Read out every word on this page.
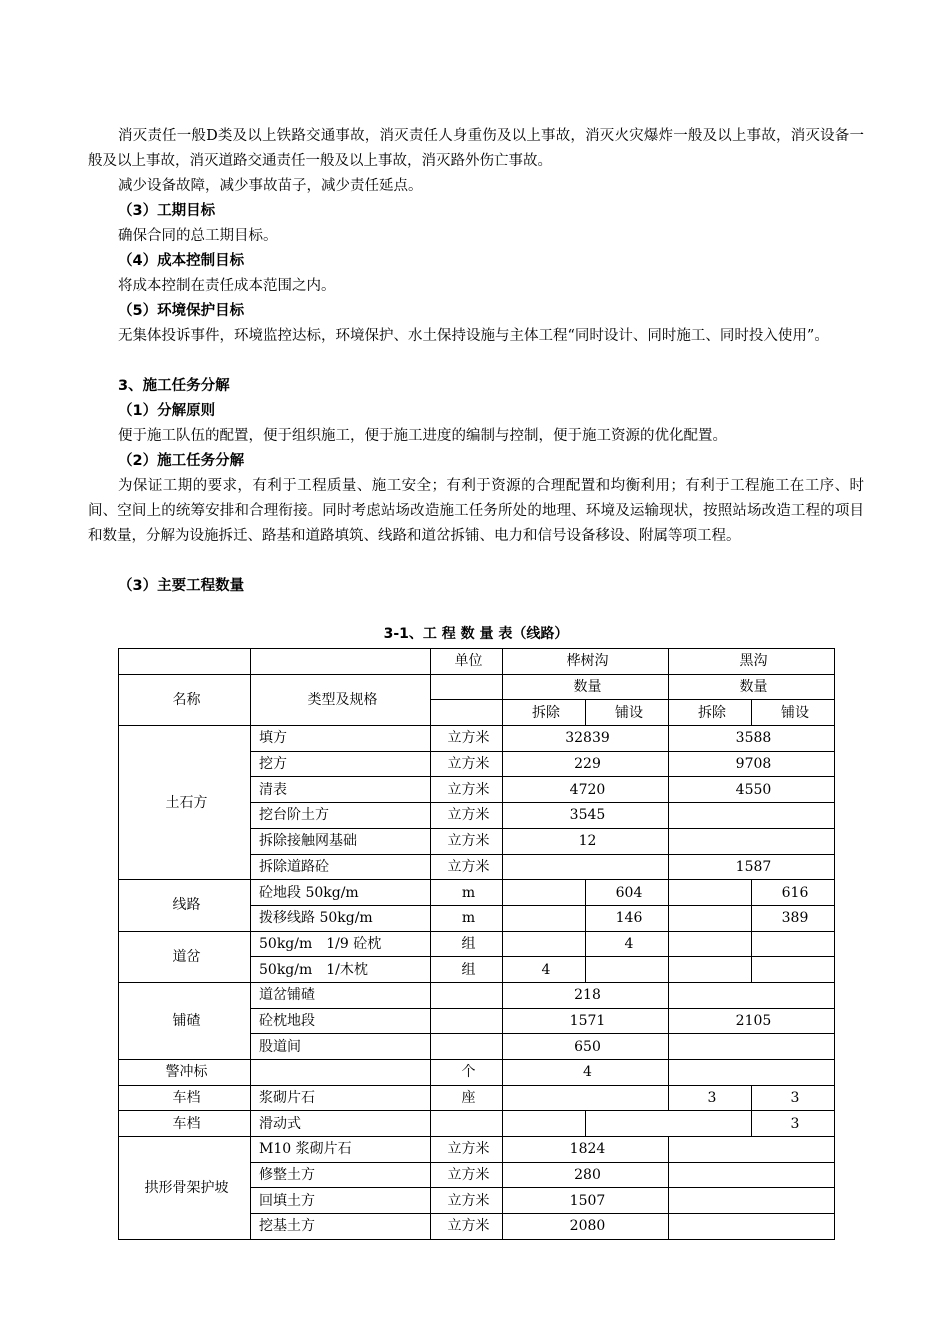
消灭责任一般D类及以上铁路交通事故，消灭责任人身重伤及以上事故，消灭火灾爆炸一般及以上事故，消灭设备一般及以上事故，消灭道路交通责任一般及以上事故，消灭路外伤亡事故。

减少设备故障，减少事故苗子，减少责任延点。

（3）工期目标

确保合同的总工期目标。

（4）成本控制目标

将成本控制在责任成本范围之内。

（5）环境保护目标

无集体投诉事件，环境监控达标，环境保护、水土保持设施与主体工程“同时设计、同时施工、同时投入使用”。

3、施工任务分解

（1）分解原则

便于施工队伍的配置，便于组织施工，便于施工进度的编制与控制，便于施工资源的优化配置。

（2）施工任务分解

为保证工期的要求，有利于工程质量、施工安全；有利于资源的合理配置和均衡利用；有利于工程施工在工序、时间、空间上的统筹安排和合理衔接。同时考虑站场改造施工任务所处的地理、环境及运输现状，按照站场改造工程的项目和数量，分解为设施拆迁、路基和道路填筑、线路和道岔拆铺、电力和信号设备移设、附属等项工程。

（3）主要工程数量

3-1、工 程 数 量 表（线路）
		单位	桦树沟		黑沟	
名称	类型及规格		数量		数量	
			拆除	铺设	拆除	铺设
土石方	填方	立方米	32839		3588	
	挖方	立方米	229		9708	
	清表	立方米	4720		4550	
	挖台阶土方	立方米	3545			
	拆除接触网基础	立方米	12			
	拆除道路砼	立方米			1587	
线路	砼地段 50kg/m	m		604		616
	拨移线路 50kg/m	m		146		389
道岔	50kg/m　1/9 砼枕	组		4		
	50kg/m　1/木枕	组	4			
铺碴	道岔铺碴		218			
	砼枕地段		1571		2105	
	股道间		650			
警冲标		个	4			
车档	浆砌片石	座			3	3
车档	滑动式					3
拱形骨架护坡	M10 浆砌片石	立方米	1824			
	修整土方	立方米	280			
	回填土方	立方米	1507			
	挖基土方	立方米	2080			
